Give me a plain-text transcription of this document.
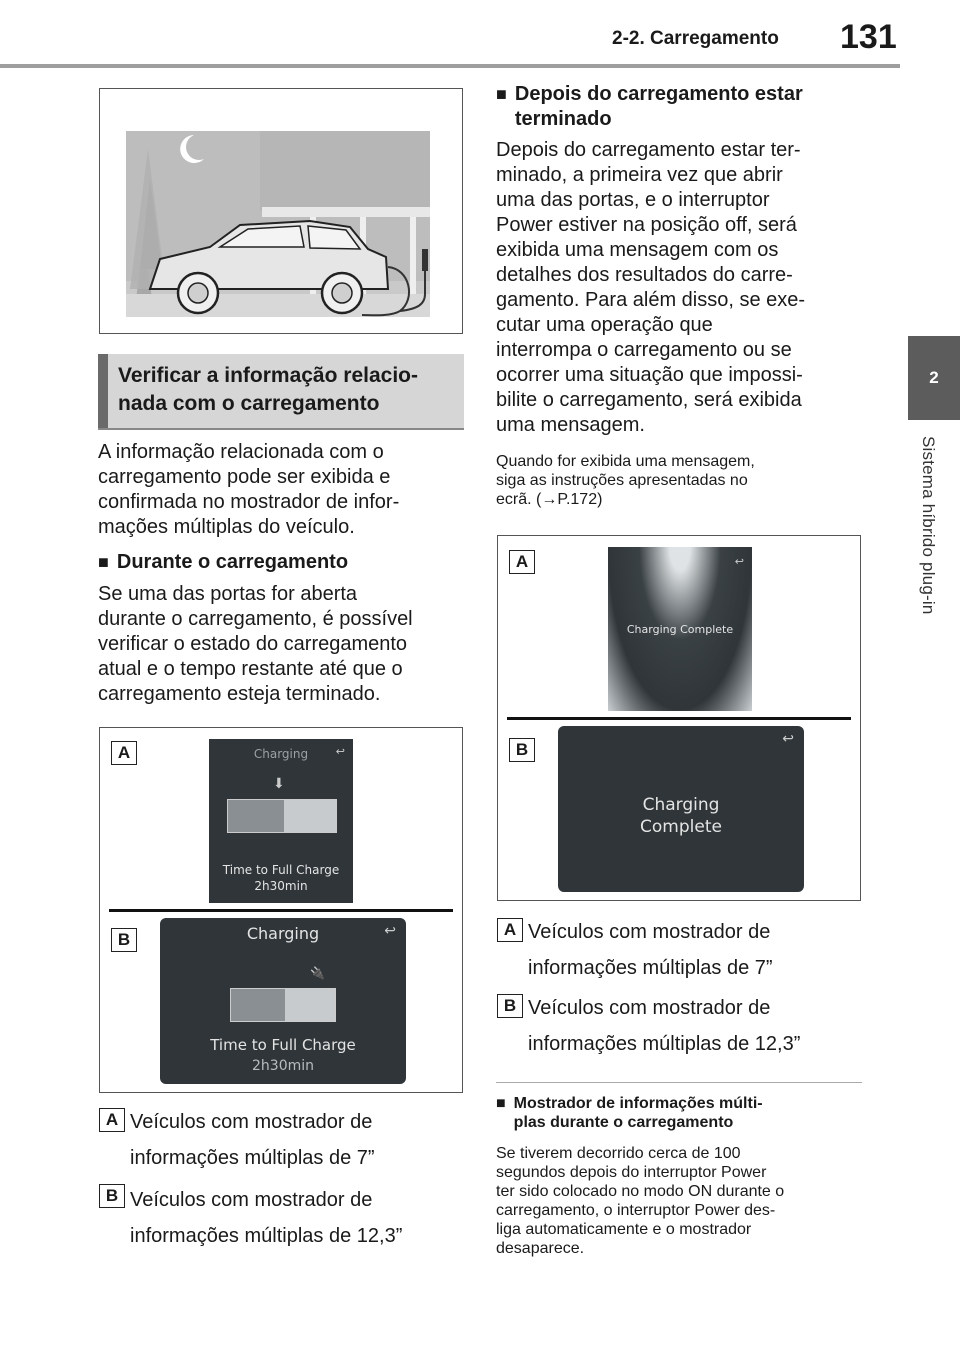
2-2. Carregamento 131
2
Sistema híbrido plug-in
Verificar a informação relacio-
nada com o carregamento
A informação relacionada com o
carregamento pode ser exibida e
confirmada no mostrador de infor-
mações múltiplas do veículo.
■ Durante o carregamento
Se uma das portas for aberta
durante o carregamento, é possível
verificar o estado do carregamento
atual e o tempo restante até que o
carregamento esteja terminado.
A	Charging	↩
⬇
Time to Full Charge
2h30min
B	Charging	↩
🔌
Time to Full Charge
2h30min
A Veículos com mostrador de
informações múltiplas de 7”
B Veículos com mostrador de
informações múltiplas de 12,3”
■ Depois do carregamento estar
terminado
Depois do carregamento estar ter-
minado, a primeira vez que abrir
uma das portas, e o interruptor
Power estiver na posição off, será
exibida uma mensagem com os
detalhes dos resultados do carre-
gamento. Para além disso, se exe-
cutar uma operação que
interrompa o carregamento ou se
ocorrer uma situação que impossi-
bilite o carregamento, será exibida
uma mensagem.
Quando for exibida uma mensagem,
siga as instruções apresentadas no
ecrã. (→P.172)
A	↩
Charging Complete
B
↩
Charging
Complete
A Veículos com mostrador de
informações múltiplas de 7”
B Veículos com mostrador de
informações múltiplas de 12,3”
■ Mostrador de informações múlti-
plas durante o carregamento
Se tiverem decorrido cerca de 100
segundos depois do interruptor Power
ter sido colocado no modo ON durante o
carregamento, o interruptor Power des-
liga automaticamente e o mostrador
desaparece.
